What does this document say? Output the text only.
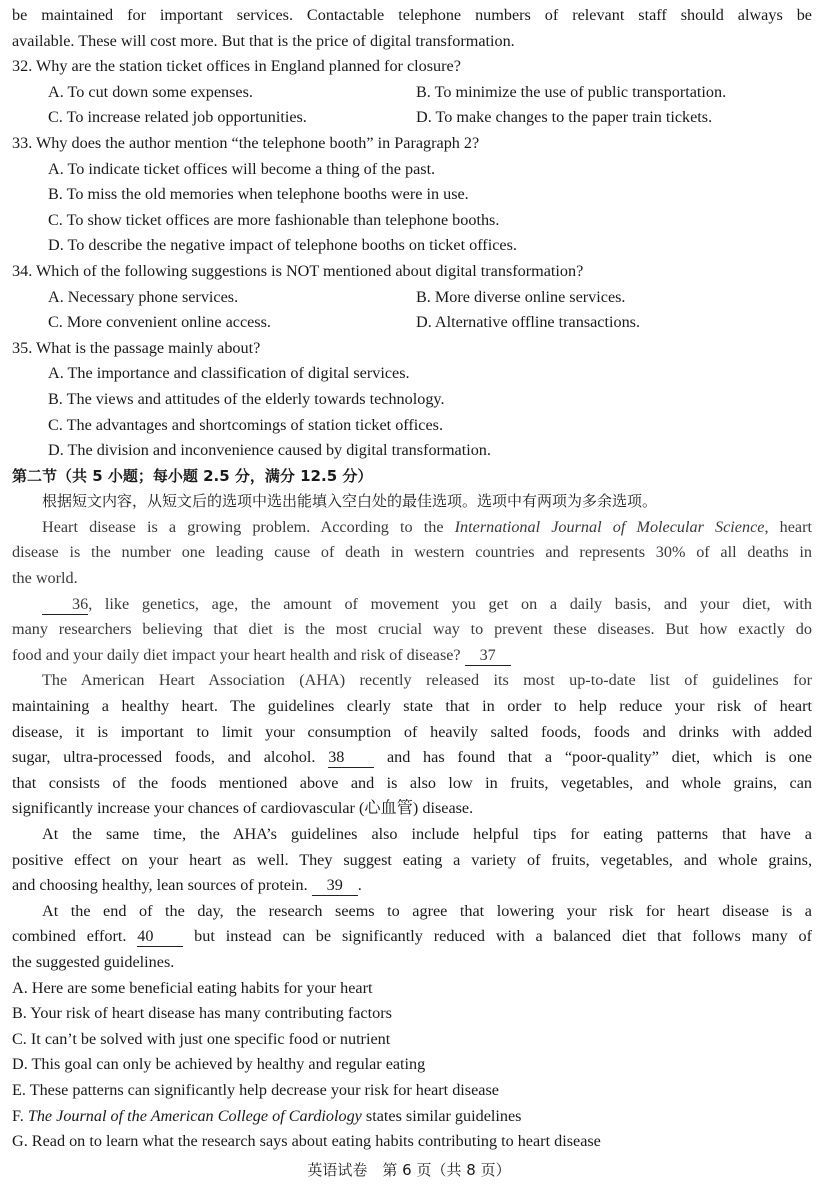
be maintained for important services. Contactable telephone numbers of relevant staff should always be
available. These will cost more. But that is the price of digital transformation.
32. Why are the station ticket offices in England planned for closure?
A. To cut down some expenses.	B. To minimize the use of public transportation.
C. To increase related job opportunities.	D. To make changes to the paper train tickets.
33. Why does the author mention “the telephone booth” in Paragraph 2?
A. To indicate ticket offices will become a thing of the past.
B. To miss the old memories when telephone booths were in use.
C. To show ticket offices are more fashionable than telephone booths.
D. To describe the negative impact of telephone booths on ticket offices.
34. Which of the following suggestions is NOT mentioned about digital transformation?
A. Necessary phone services.	B. More diverse online services.
C. More convenient online access.	D. Alternative offline transactions.
35. What is the passage mainly about?
A. The importance and classification of digital services.
B. The views and attitudes of the elderly towards technology.
C. The advantages and shortcomings of station ticket offices.
D. The division and inconvenience caused by digital transformation.
第二节（共 5 小题；每小题 2.5 分，满分 12.5 分）
根据短文内容，从短文后的选项中选出能填入空白处的最佳选项。选项中有两项为多余选项。
Heart disease is a growing problem. According to the International Journal of Molecular Science, heart
disease is the number one leading cause of death in western countries and represents 30% of all deaths in
the world.
36, like genetics, age, the amount of movement you get on a daily basis, and your diet, with
many researchers believing that diet is the most crucial way to prevent these diseases. But how exactly do
food and your daily diet impact your heart health and risk of disease? 37
The American Heart Association (AHA) recently released its most up-to-date list of guidelines for
maintaining a healthy heart. The guidelines clearly state that in order to help reduce your risk of heart
disease, it is important to limit your consumption of heavily salted foods, foods and drinks with added
sugar, ultra-processed foods, and alcohol. 38 and has found that a “poor-quality” diet, which is one
that consists of the foods mentioned above and is also low in fruits, vegetables, and whole grains, can
significantly increase your chances of cardiovascular (心血管) disease.
At the same time, the AHA’s guidelines also include helpful tips for eating patterns that have a
positive effect on your heart as well. They suggest eating a variety of fruits, vegetables, and whole grains,
and choosing healthy, lean sources of protein. 39 .
At the end of the day, the research seems to agree that lowering your risk for heart disease is a
combined effort. 40 but instead can be significantly reduced with a balanced diet that follows many of
the suggested guidelines.
A. Here are some beneficial eating habits for your heart
B. Your risk of heart disease has many contributing factors
C. It can’t be solved with just one specific food or nutrient
D. This goal can only be achieved by healthy and regular eating
E. These patterns can significantly help decrease your risk for heart disease
F. The Journal of the American College of Cardiology states similar guidelines
G. Read on to learn what the research says about eating habits contributing to heart disease
英语试卷　第 6 页（共 8 页）
